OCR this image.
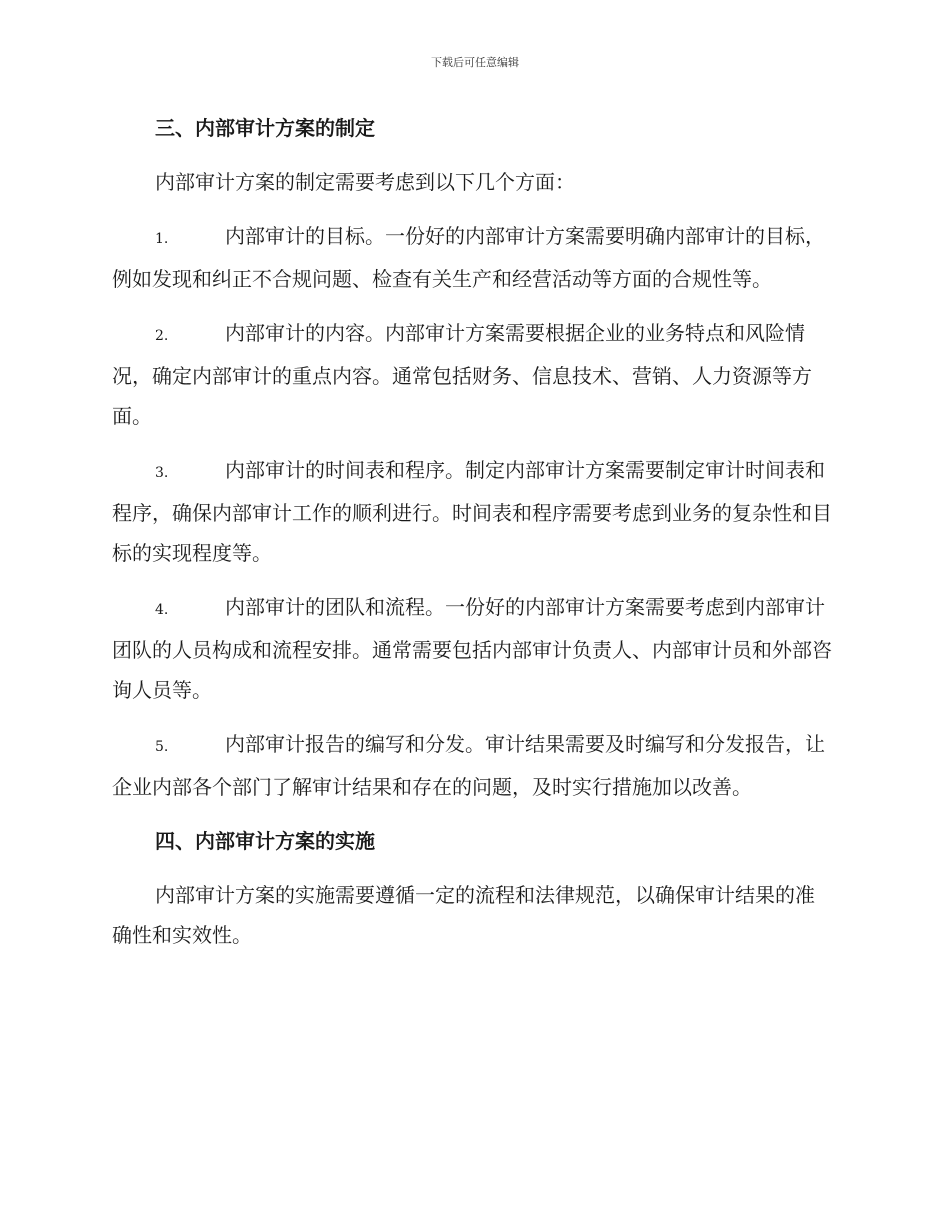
下载后可任意编辑
三、内部审计方案的制定

内部审计方案的制定需要考虑到以下几个方面：

1.	内部审计的目标。一份好的内部审计方案需要明确内部审计的目标，例如发现和纠正不合规问题、检查有关生产和经营活动等方面的合规性等。

2.	内部审计的内容。内部审计方案需要根据企业的业务特点和风险情况，确定内部审计的重点内容。通常包括财务、信息技术、营销、人力资源等方面。

3.	内部审计的时间表和程序。制定内部审计方案需要制定审计时间表和程序，确保内部审计工作的顺利进行。时间表和程序需要考虑到业务的复杂性和目标的实现程度等。

4.	内部审计的团队和流程。一份好的内部审计方案需要考虑到内部审计团队的人员构成和流程安排。通常需要包括内部审计负责人、内部审计员和外部咨询人员等。

5.	内部审计报告的编写和分发。审计结果需要及时编写和分发报告，让企业内部各个部门了解审计结果和存在的问题，及时实行措施加以改善。

四、内部审计方案的实施

内部审计方案的实施需要遵循一定的流程和法律规范，以确保审计结果的准确性和实效性。
